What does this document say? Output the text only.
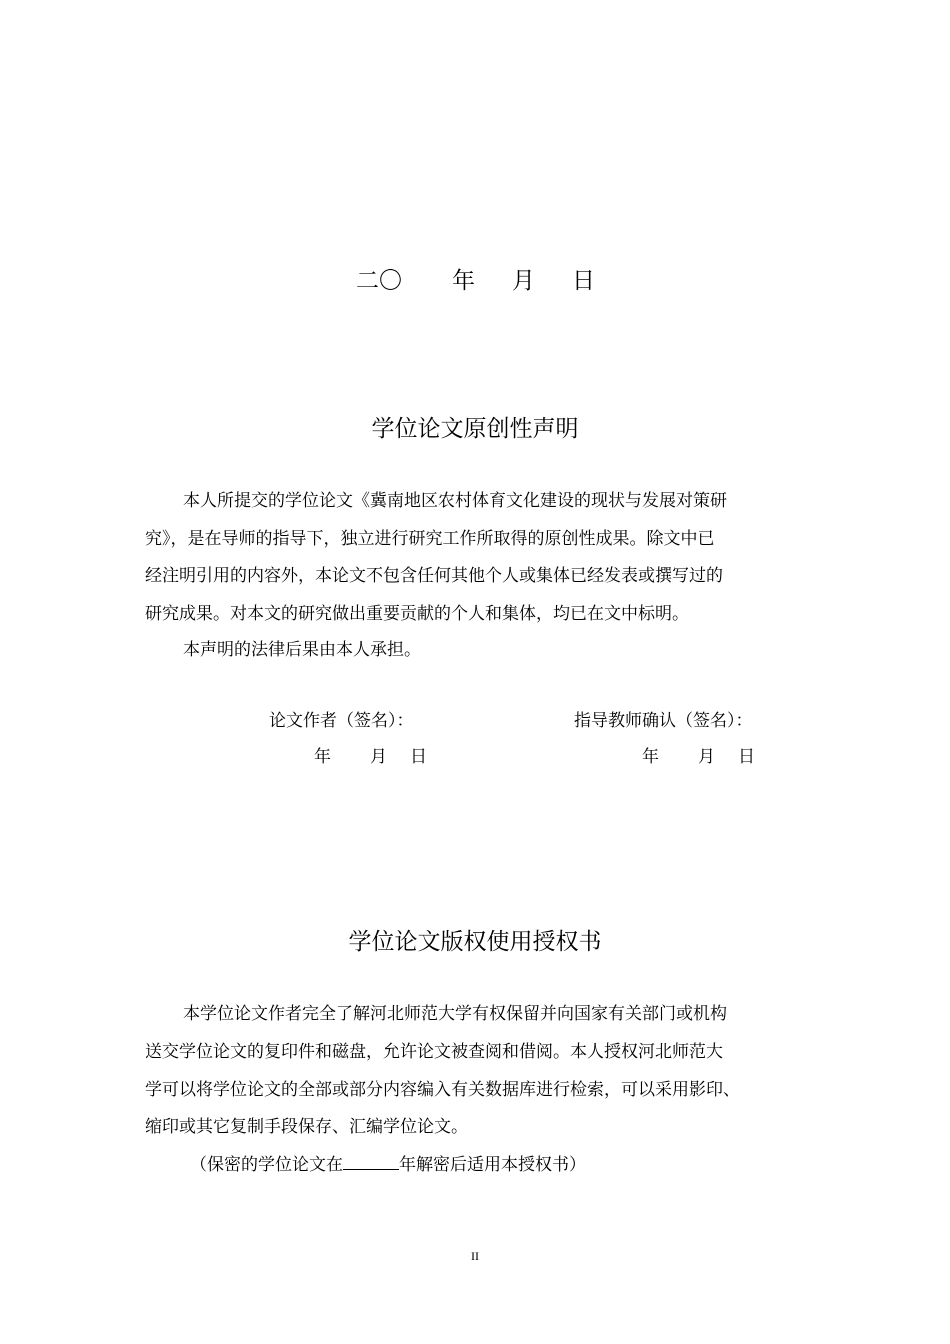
二〇 年 月 日
学位论文原创性声明
本人所提交的学位论文《冀南地区农村体育文化建设的现状与发展对策研
究》，是在导师的指导下，独立进行研究工作所取得的原创性成果。除文中已
经注明引用的内容外，本论文不包含任何其他个人或集体已经发表或撰写过的
研究成果。对本文的研究做出重要贡献的个人和集体，均已在文中标明。
本声明的法律后果由本人承担。
论文作者（签名）：	指导教师确认（签名）：
年 月 日	年 月 日
学位论文版权使用授权书
本学位论文作者完全了解河北师范大学有权保留并向国家有关部门或机构
送交学位论文的复印件和磁盘，允许论文被查阅和借阅。本人授权河北师范大
学可以将学位论文的全部或部分内容编入有关数据库进行检索，可以采用影印、
缩印或其它复制手段保存、汇编学位论文。
（保密的学位论文在	年解密后适用本授权书）
II
